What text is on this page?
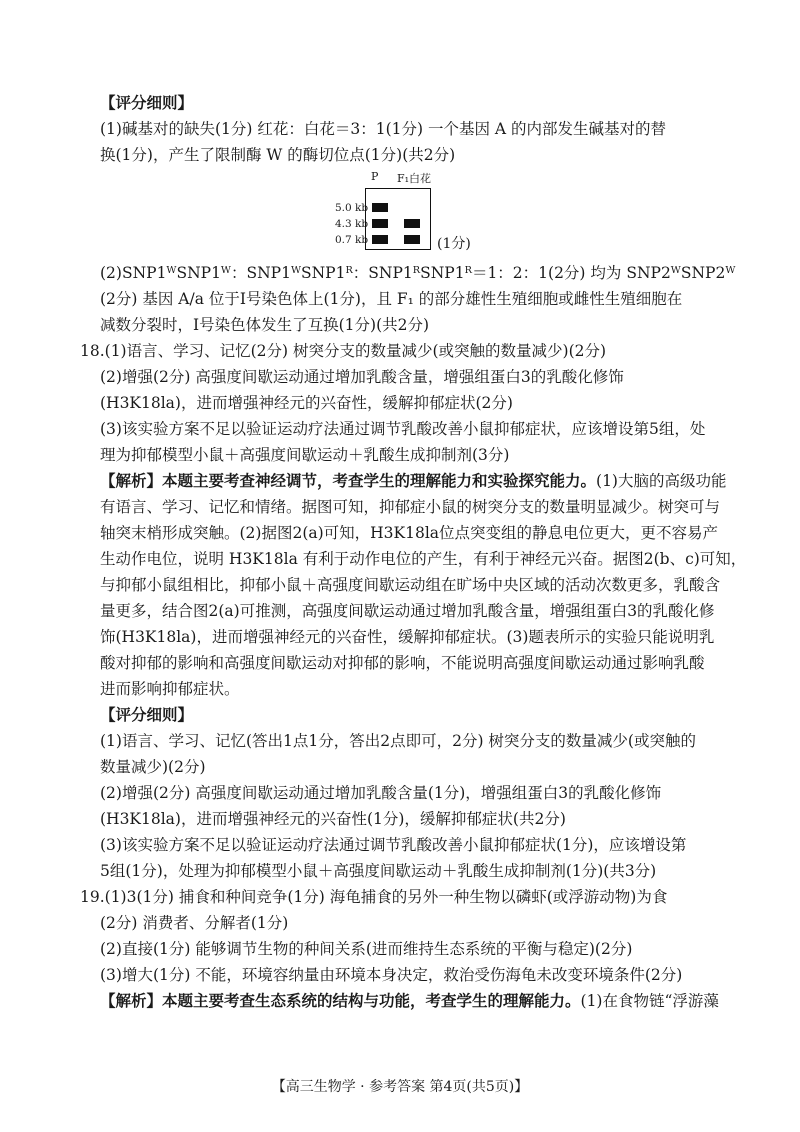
【评分细则】
(1)碱基对的缺失(1分) 红花：白花＝3：1(1分) 一个基因 A 的内部发生碱基对的替
换(1分)，产生了限制酶 W 的酶切位点(1分)(共2分)
(2)SNP1ᵂSNP1ᵂ：SNP1ᵂSNP1ᴿ：SNP1ᴿSNP1ᴿ＝1：2：1(2分) 均为 SNP2ᵂSNP2ᵂ
(2分) 基因 A/a 位于Ⅰ号染色体上(1分)，且 F₁ 的部分雄性生殖细胞或雌性生殖细胞在
减数分裂时，Ⅰ号染色体发生了互换(1分)(共2分)
18.(1)语言、学习、记忆(2分) 树突分支的数量减少(或突触的数量减少)(2分)
(2)增强(2分) 高强度间歇运动通过增加乳酸含量，增强组蛋白3的乳酸化修饰
(H3K18la)，进而增强神经元的兴奋性，缓解抑郁症状(2分)
(3)该实验方案不足以验证运动疗法通过调节乳酸改善小鼠抑郁症状，应该增设第5组，处
理为抑郁模型小鼠＋高强度间歇运动＋乳酸生成抑制剂(3分)
【解析】本题主要考查神经调节，考查学生的理解能力和实验探究能力。(1)大脑的高级功能
有语言、学习、记忆和情绪。据图可知，抑郁症小鼠的树突分支的数量明显减少。树突可与
轴突末梢形成突触。(2)据图2(a)可知，H3K18la位点突变组的静息电位更大，更不容易产
生动作电位，说明 H3K18la 有利于动作电位的产生，有利于神经元兴奋。据图2(b、c)可知，
与抑郁小鼠组相比，抑郁小鼠＋高强度间歇运动组在旷场中央区域的活动次数更多，乳酸含
量更多，结合图2(a)可推测，高强度间歇运动通过增加乳酸含量，增强组蛋白3的乳酸化修
饰(H3K18la)，进而增强神经元的兴奋性，缓解抑郁症状。(3)题表所示的实验只能说明乳
酸对抑郁的影响和高强度间歇运动对抑郁的影响，不能说明高强度间歇运动通过影响乳酸
进而影响抑郁症状。
【评分细则】
(1)语言、学习、记忆(答出1点1分，答出2点即可，2分) 树突分支的数量减少(或突触的
数量减少)(2分)
(2)增强(2分) 高强度间歇运动通过增加乳酸含量(1分)，增强组蛋白3的乳酸化修饰
(H3K18la)，进而增强神经元的兴奋性(1分)，缓解抑郁症状(共2分)
(3)该实验方案不足以验证运动疗法通过调节乳酸改善小鼠抑郁症状(1分)，应该增设第
5组(1分)，处理为抑郁模型小鼠＋高强度间歇运动＋乳酸生成抑制剂(1分)(共3分)
19.(1)3(1分) 捕食和种间竞争(1分) 海龟捕食的另外一种生物以磷虾(或浮游动物)为食
(2分) 消费者、分解者(1分)
(2)直接(1分) 能够调节生物的种间关系(进而维持生态系统的平衡与稳定)(2分)
(3)增大(1分) 不能，环境容纳量由环境本身决定，救治受伤海龟未改变环境条件(2分)
【解析】本题主要考查生态系统的结构与功能，考查学生的理解能力。(1)在食物链“浮游藻
P F₁白花
5.0 kb
4.3 kb
0.7 kb	(1分)
【高三生物学 · 参考答案 第4页(共5页)】
